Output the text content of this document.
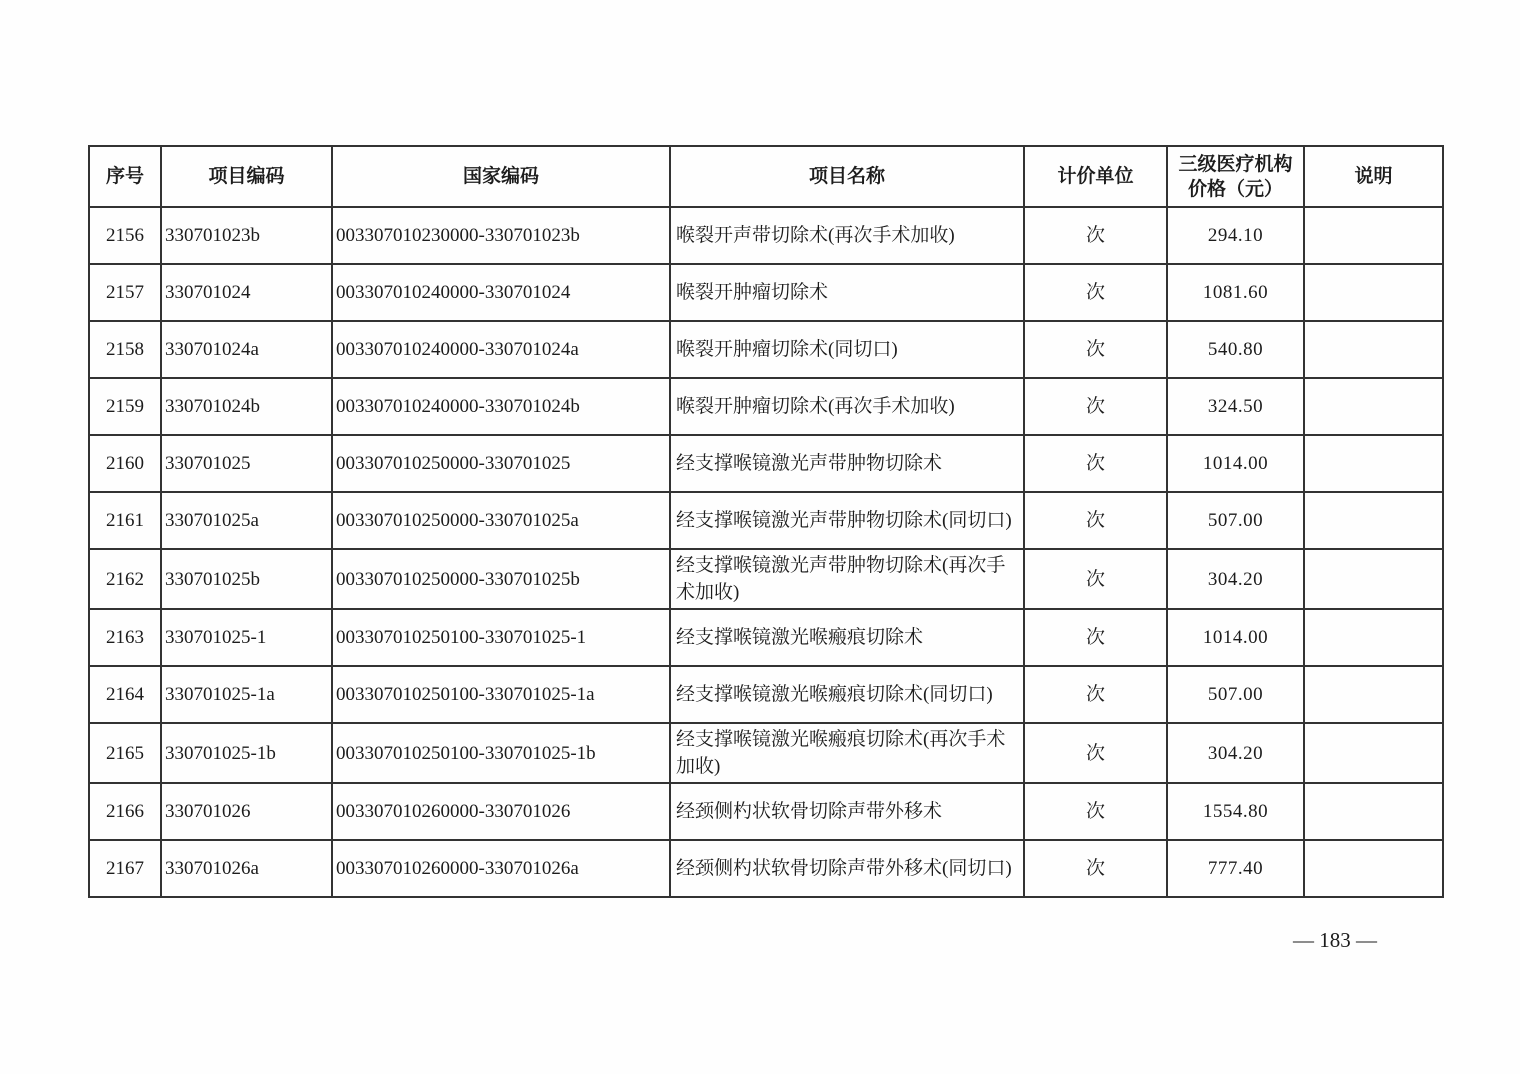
序号	项目编码	国家编码	项目名称	计价单位	三级医疗机构价格（元）	说明
2156	330701023b	003307010230000-330701023b	喉裂开声带切除术(再次手术加收)	次	294.10	
2157	330701024	003307010240000-330701024	喉裂开肿瘤切除术	次	1081.60	
2158	330701024a	003307010240000-330701024a	喉裂开肿瘤切除术(同切口)	次	540.80	
2159	330701024b	003307010240000-330701024b	喉裂开肿瘤切除术(再次手术加收)	次	324.50	
2160	330701025	003307010250000-330701025	经支撑喉镜激光声带肿物切除术	次	1014.00	
2161	330701025a	003307010250000-330701025a	经支撑喉镜激光声带肿物切除术(同切口)	次	507.00	
2162	330701025b	003307010250000-330701025b	经支撑喉镜激光声带肿物切除术(再次手术加收)	次	304.20	
2163	330701025-1	003307010250100-330701025-1	经支撑喉镜激光喉瘢痕切除术	次	1014.00	
2164	330701025-1a	003307010250100-330701025-1a	经支撑喉镜激光喉瘢痕切除术(同切口)	次	507.00	
2165	330701025-1b	003307010250100-330701025-1b	经支撑喉镜激光喉瘢痕切除术(再次手术加收)	次	304.20	
2166	330701026	003307010260000-330701026	经颈侧杓状软骨切除声带外移术	次	1554.80	
2167	330701026a	003307010260000-330701026a	经颈侧杓状软骨切除声带外移术(同切口)	次	777.40	
— 183 —
